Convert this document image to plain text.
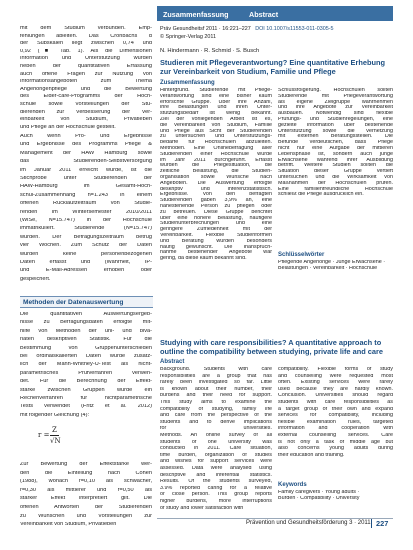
mit dem Studium verbunden. Emp-
fehlungen ableiten. Das Cronbachs α
der Subskalen liegt zwischen 0,74 und
0,92 (■ Tab. 1). Als die Dimensionen
Information und Unterstützung wurden
neben der quantitativen Erfassung
auch offene Fragen zur Nutzung von
Informationsangeboten zum Thema
Angehörigenpflege und die Bewertung
des Elder-care-Programms der Hoch-
schule sowie Vorstellungen der Stu-
dierenden zur Verbesserung der Ver-
einbarkeit von Studium, Privatleben
und Pflege an der Hochschule gestellt.
Auch wenn Pro- und Ergebnisse
und Ergebnisse des Programms Pflege &
Management der HAW Hamburg sowie
das Studierenden-Selbstversorgung
im Januar 2011 erreicht wurde, ist die
Stichprobe unter Studierenden der
HAW-Hamburg im Gesamt-Hoch-
schul-Zusammenhang n=1.243 in einem
offenen Rücklaufzeitraum von Studie-
renden im Wintersemester 2010/2011
(WiSe, N=15.747) in der Hochschule
immatrikuliert. Studierende (N=15.747)
wurden. Der Befragungszeitraum betrug
vier Wochen. Zum Schutz der Daten
wurden keine personenbezogenen
Daten erfasst und (Wahrheit, IP-
und E-Mail-Adressen erhoben oder
gespeichert.
Methoden der Datenauswertung
Die quantitativen Auswertungsergeb-
nisse zu Befragungsdaten erfolgte mit-
hilfe von Methoden der uni- und biva-
riaten deskriptiven Statistik. Für die
Bestimmung von Gruppenunterschieden
bei ordinalskalierten Daten wurde zusätz-
lich der Mann-Whitney-U-Test als nicht-
parametrisches Prüfverfahren verwen-
det. Für die Berechnung der Effekt-
stärke zwischen Gruppen wurde ein
Rechenverfahren für nichtparametrische
Tests verwendet (Fritz et al. 2012)
mit folgender Gleichung (4):
r =
Z
√N
Zur Bewertung der Effektstärke wer-
den die Einteilung nach Cohen
(1988), wonach r=0,10 als schwacher,
r=0,30 als mittlerer und r=0,50 als
starker Effekt interpretiert gilt. Die
offenen Antworten der Studierenden
zu Wünschen und Vorstellungen zur
Vereinbarkeit von Studium, Privatleben
Zusammenfassung	Abstract
Präv Gesundheitsf 2011 · 16:221–227 DOI 10.1007/s11553-011-0305-5
© Springer-Verlag 2011
N. Hindermann · R. Schmid · S. Busch
Studieren mit Pflegeverantwortung? Eine quantitative Erhebung zur Vereinbarkeit von Studium, Familie und Pflege
Zusammenfassung
Hintergrund. Studierende mit Pflege-
verantwortung sind eine bisher kaum
erforschte Gruppe. Über ihre Anzahl,
ihre Belastungen und ihren Unter-
stützungsbedarf ist wenig bekannt.
Ziel der vorliegenden Arbeit ist es,
die Vereinbarkeit von Studium, Familie
und Pflege aus Sicht der Studierenden
zu untersuchen und Unterstützungs-
bedarfe für Hochschulen abzuleiten.
Methoden. Eine Onlinebefragung aller
Studierenden einer Hochschule wurde
im Jahr 2011 durchgeführt. Erfasst
wurden die Pflegesituation, die
zeitliche Belastung, die Studien-
organisation sowie Wünsche nach
Angeboten. Die Auswertung erfolgte
deskriptiv und inferenzstatistisch.
Ergebnisse. Von den befragten
Studierenden gaben 3,9% an, eine
nahestehende Person zu pflegen oder
zu betreuen. Diese Gruppe berichtet
über eine höhere Belastung, häufigere
Studienunterbrechungen und eine
geringere Zufriedenheit mit der
Vereinbarkeit. Flexible Studienformen
und Beratung wurden besonders
häufig gewünscht. Die Inanspruch-
nahme bestehender Angebote war
gering, da diese kaum bekannt sind.
Schlussfolgerung. Hochschulen sollten
Studierende mit Pflegeverantwortung
als eigene Zielgruppe wahrnehmen
und ihre Angebote zur Vereinbarkeit
ausbauen. Notwendig sind flexible
Prüfungs- und Studienregelungen, eine
gezielte Information über bestehende
Unterstützung sowie die Vernetzung
mit externen Beratungsstellen. Die
Befunde verdeutlichen, dass Pflege
nicht nur eine Aufgabe der mittleren
Lebensphase ist, sondern auch junge
Erwachsene während ihrer Ausbildung
betrifft. Weitere Studien sollten die
Situation dieser Gruppe vertieft
untersuchen und die Wirksamkeit von
Maßnahmen der Hochschulen prüfen.
Eine familienfreundliche Hochschule
schließt die Pflege ausdrücklich ein.
Schlüsselwörter
Pflegende Angehörige · Junge Erwachsene ·
Belastungen · Vereinbarkeit · Hochschule
Studying with care responsibilities? A quantitative approach to outline the compatibility between studying, private life and care
Abstract
Background. Students with care
responsibilities are a group that has
rarely been investigated so far. Little
is known about their number, their
burdens and their need for support.
This study aims to examine the
compatibility of studying, family life
and care from the perspective of the
students and to derive implications
for universities.
Methods. An online survey of all
students of one university was
conducted in 2011. Care situation,
time burden, organization of studies
and wishes for support services were
assessed. Data were analysed using
descriptive and inferential statistics.
Results. Of the students surveyed,
3.9% reported caring for a relative
or close person. This group reports
higher burdens, more interruptions
of study and lower satisfaction with
compatibility. Flexible forms of study
and counselling were requested most
often. Existing services were rarely
used because they are hardly known.
Conclusion. Universities should regard
students with care responsibilities as
a target group of their own and expand
services for compatibility, including
flexible examination rules, targeted
information and cooperation with
external counselling services. Care
is not only a task of middle age but
also concerns young adults during
their education and training.
Keywords
Family caregivers · Young adults ·
Burden · Compatibility · University
Prävention und Gesundheitsförderung 3 · 2011 227
